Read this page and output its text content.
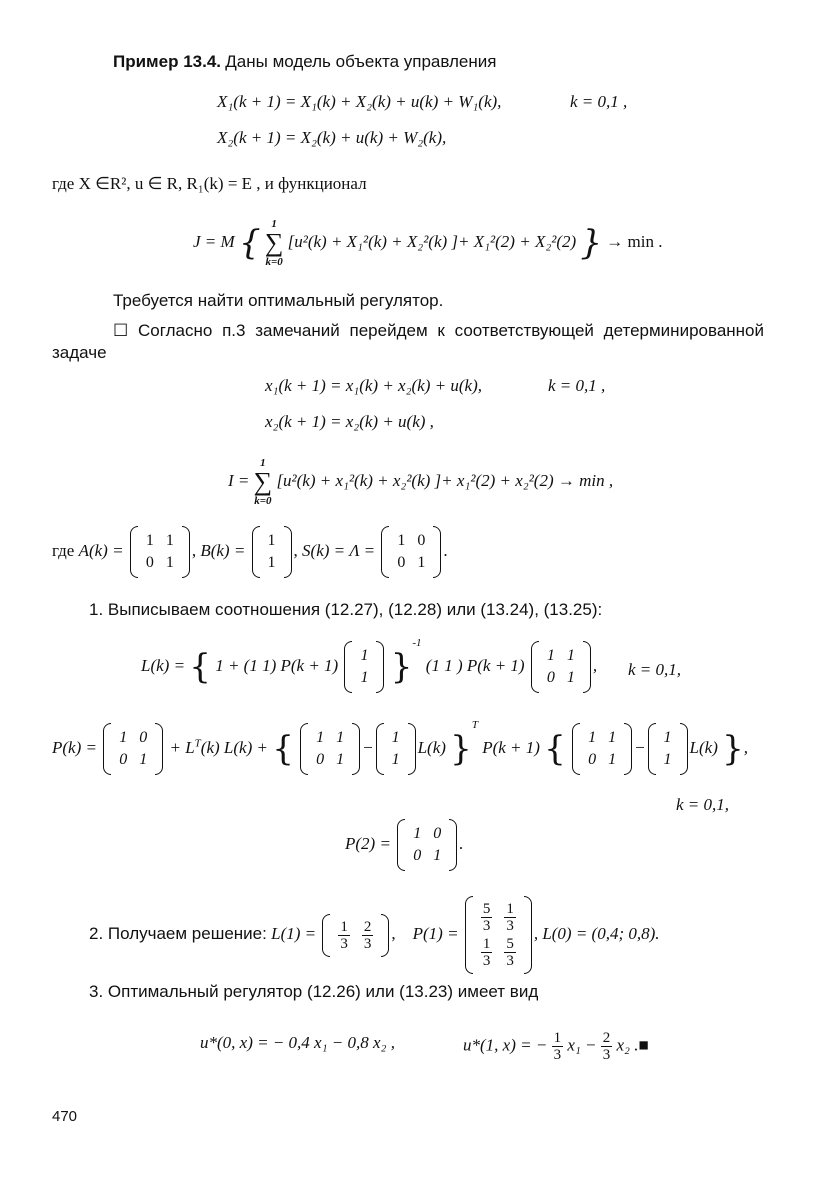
Пример 13.4. Даны модель объекта управления
X₁(k + 1) = X₁(k) + X₂(k) + u(k) + W₁(k),	k = 0,1 ,
X₂(k + 1) = X₂(k) + u(k) + W₂(k),
где X ∈R², u ∈ R, R₁(k) = E , и функционал
J = M { 1
∑
k=0
[u²(k) + X₁²(k) + X₂²(k) ]+ X₁²(2) + X₂²(2) } → min .
Требуется найти оптимальный регулятор.
☐ Согласно п.3 замечаний перейдем к соответствующей детерминированной задаче
x₁(k + 1) = x₁(k) + x₂(k) + u(k),	k = 0,1 ,
x₂(k + 1) = x₂(k) + u(k) ,
I =
1
∑
k=0
[u²(k) + x₁²(k) + x₂²(k) ]+ x₁²(2) + x₂²(2) → min ,
где A(k) =
1	1
0	1
, B(k) =
1
1
, S(k) = Λ =
1	0
0	1
.
1. Выписываем соотношения (12.27), (12.28) или (13.24), (13.25):
L(k) = { 1 + (1 1) P(k + 1)
1
1 }$^{-1}$ (1 1 ) P(k + 1)
1	1
0	1
, k = 0,1,
P(k) =
1	0
0	1
+ $L^T(k) L(k)$ + { 1	1
0	1
−
1
1
L(k) }$^T$ P(k + 1) { 1	1
0	1
−
1
1
L(k) },
k = 0,1,
P(2) =
1	0
0	1
.
2. Получаем решение: $L(1) = \frac{1}{3}$	$\frac{2}{3}$ ,    $P(1) = \frac{5}{3}$	$\frac{1}{3}$

$\frac{1}{3}$	$\frac{5}{3}$
, L(0) = (0,4; 0,8).
3. Оптимальный регулятор (12.26) или (13.23) имеет вид
u*(0, x) = − 0,4 x₁ − 0,8 x₂ ,	u*(1, x) = − $\frac{1}{3} x_1 - \frac{2}{3} x_2$ .■
470
